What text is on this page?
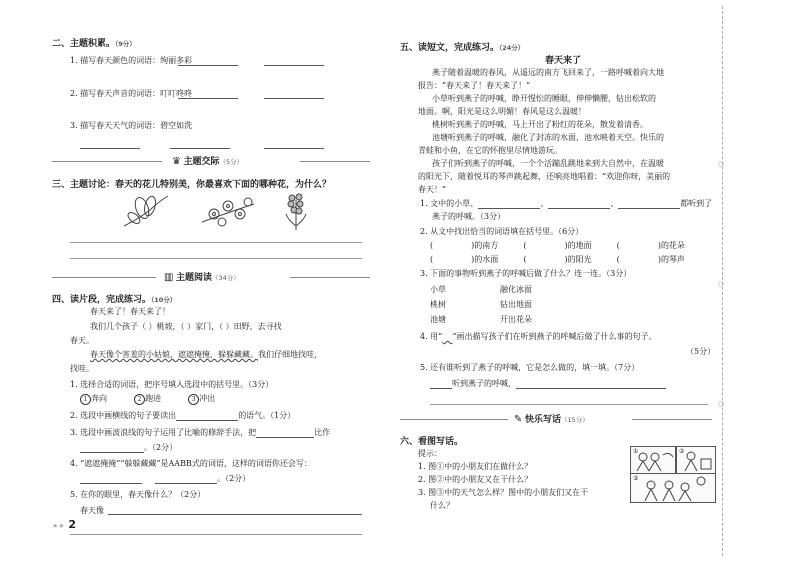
二、主题积累。（9分）
1. 描写春天颜色的词语：绚丽多彩
2. 描写春天声音的词语：叮叮咚咚
3. 描写春天天气的词语：碧空如洗
♛ 主题交际（5分）
三、主题讨论：春天的花儿特别美，你最喜欢下面的哪种花，为什么？
▥ 主题阅读（34分）
四、读片段，完成练习。（10分）
春天来了！春天来了！
我们几个孩子（ ）桃坡，（ ）家门，（ ）田野，去寻找
春天。
春天像个害羞的小姑娘，遮遮掩掩，躲躲藏藏。我们仔细地找哇，
找哇。
1. 选择合适的词语，把序号填入选段中的括号里。（3分）
1 奔向	2 跑进	3 冲出
2. 选段中画横线的句子要读出	的语气。（1分）
3. 选段中画波浪线的句子运用了比喻的修辞手法，把	比作
。（2分）
4. “遮遮掩掩”“躲躲藏藏”是AABB式的词语，这样的词语你还会写：
。（2分）
5. 在你的眼里，春天像什么？（2分）
春天像
★★ 2
五、读短文，完成练习。（24分）
春天来了
燕子随着温暖的春风，从遥远的南方飞回来了，一路呼喊着向大地
报告：“春天来了！春天来了！”
小草听到燕子的呼喊，睁开惺忪的睡眼，伸伸懒腰，钻出松软的
地面。啊，阳光是这么明媚！春风是这么温暖！
桃树听到燕子的呼喊，马上开出了粉红的花朵，散发着清香。
池塘听到燕子的呼喊，融化了封冻的水面，池水映着天空。快乐的
青蛙和小鱼，在它的怀抱里尽情地游玩。
孩子们听到燕子的呼喊，一个个活蹦乱跳地来到大自然中，在温暖
的阳光下，随着悦耳的琴声跳起舞，还响亮地唱着：“欢迎你呀，美丽的
春天！”
1. 文中的小草、	、	、	都听到了
燕子的呼喊。（3分）
2. 从文中找出恰当的词语填在括号里。（6分）
(	)的南方	(	)的地面	(	)的花朵
(	)的水面	(	)的阳光	(	)的琴声
3. 下面的事物听到燕子的呼喊后做了什么？连一连。（3分）
小草
桃树
池塘
融化冰面
钻出地面
开出花朵
4. 用“ ”画出描写孩子们在听到燕子的呼喊后做了什么事的句子。
（5分）
5. 还有谁听到了燕子的呼喊，它是怎么做的，填一填。（7分）
听到燕子的呼喊，
✎ 快乐写话（15分）
六、看图写话。
提示：
1. 图①中的小朋友们在做什么？
2. 图②中的小朋友又在干什么？
3. 图③中的天气怎么样？图中的小朋友们又在干
什么？
①	②
③
○
○
○
